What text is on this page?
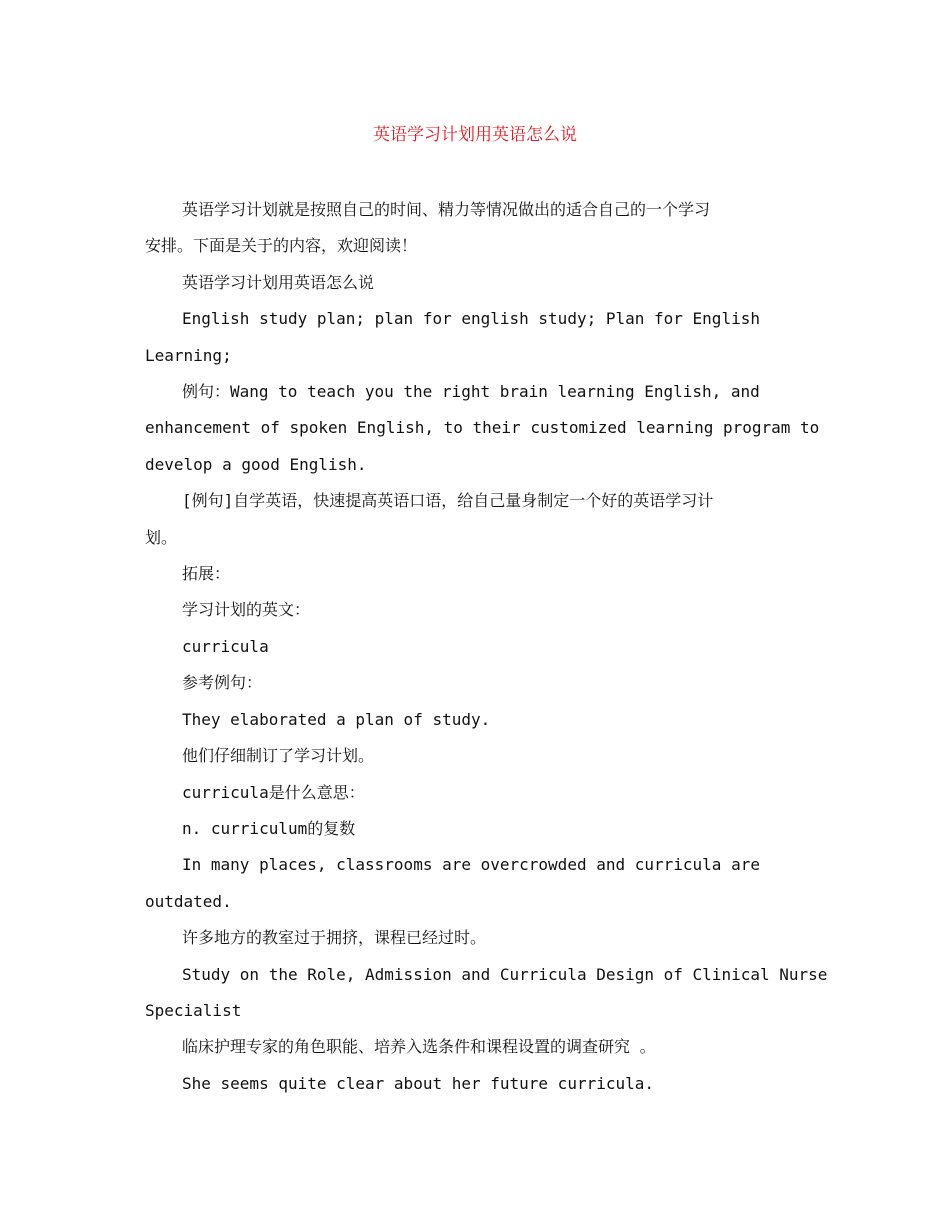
英语学习计划用英语怎么说

英语学习计划就是按照自己的时间、精力等情况做出的适合自己的一个学习

安排。下面是关于的内容，欢迎阅读！

英语学习计划用英语怎么说

English study plan; plan for english study; Plan for English

Learning;

例句：Wang to teach you the right brain learning English, and

enhancement of spoken English, to their customized learning program to

develop a good English.

[例句]自学英语，快速提高英语口语，给自己量身制定一个好的英语学习计

划。

拓展：

学习计划的英文：

curricula

参考例句：

They elaborated a plan of study.

他们仔细制订了学习计划。

curricula是什么意思：

n. curriculum的复数

In many places, classrooms are overcrowded and curricula are

outdated.

许多地方的教室过于拥挤，课程已经过时。

Study on the Role, Admission and Curricula Design of Clinical Nurse

Specialist

临床护理专家的角色职能、培养入选条件和课程设置的调查研究 。

She seems quite clear about her future curricula.
